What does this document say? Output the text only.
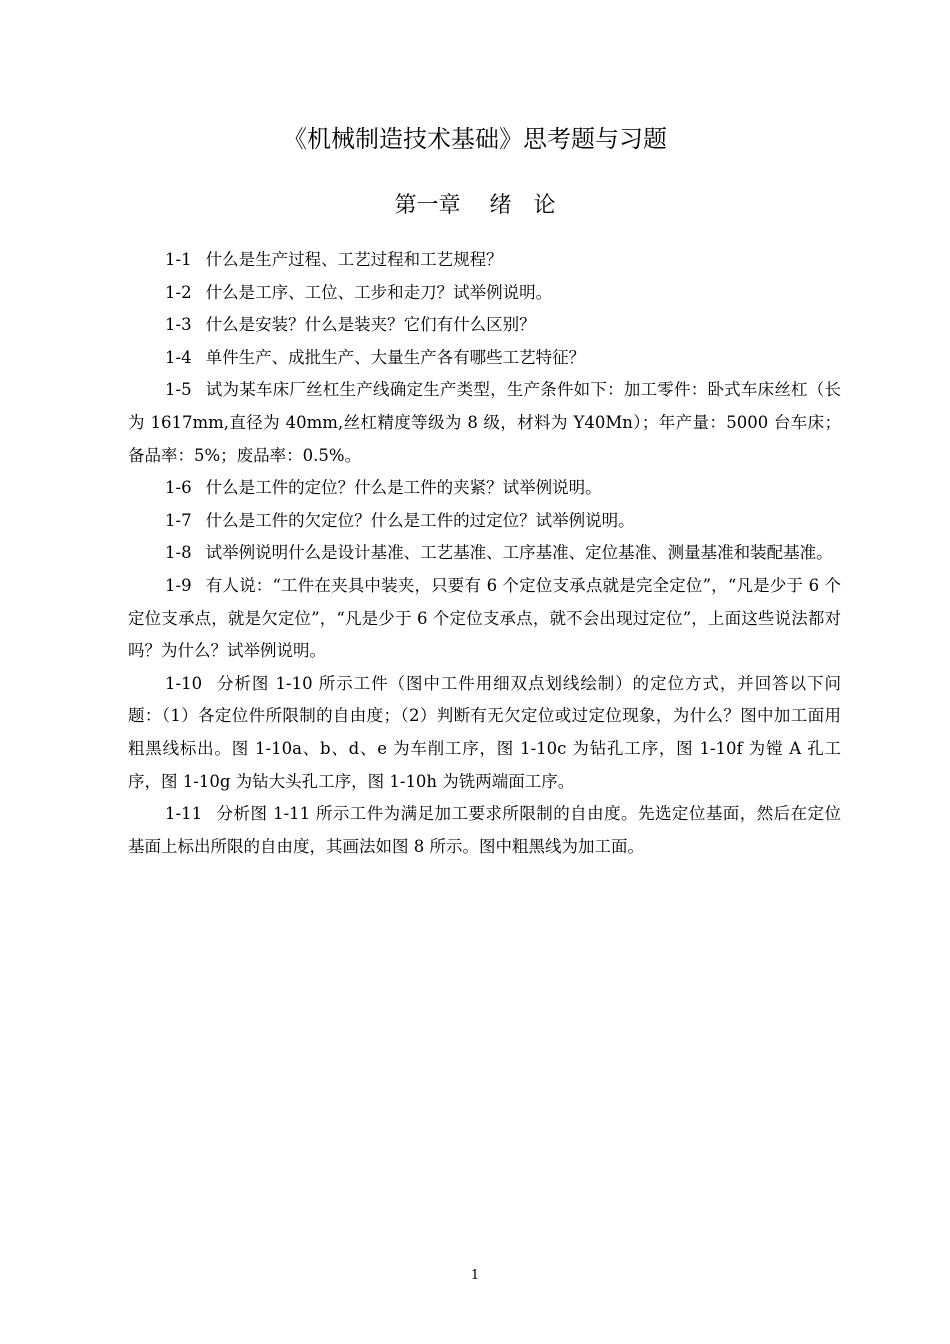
《机械制造技术基础》思考题与习题
第一章　 绪　论

1-1 什么是生产过程、工艺过程和工艺规程？

1-2 什么是工序、工位、工步和走刀？试举例说明。

1-3 什么是安装？什么是装夹？它们有什么区别？

1-4 单件生产、成批生产、大量生产各有哪些工艺特征？

1-5 试为某车床厂丝杠生产线确定生产类型，生产条件如下：加工零件：卧式车床丝杠（长为 1617mm,直径为 40mm,丝杠精度等级为 8 级，材料为 Y40Mn）；年产量：5000 台车床；备品率：5%；废品率：0.5%。

1-6 什么是工件的定位？什么是工件的夹紧？试举例说明。

1-7 什么是工件的欠定位？什么是工件的过定位？试举例说明。

1-8 试举例说明什么是设计基准、工艺基准、工序基准、定位基准、测量基准和装配基准。

1-9 有人说：“工件在夹具中装夹，只要有 6 个定位支承点就是完全定位”，“凡是少于 6 个定位支承点，就是欠定位”，“凡是少于 6 个定位支承点，就不会出现过定位”，上面这些说法都对吗？为什么？试举例说明。

1-10 分析图 1-10 所示工件（图中工件用细双点划线绘制）的定位方式，并回答以下问题：（1）各定位件所限制的自由度；（2）判断有无欠定位或过定位现象，为什么？图中加工面用粗黑线标出。图 1-10a、b、d、e 为车削工序，图 1-10c 为钻孔工序，图 1-10f 为镗 A 孔工序，图 1-10g 为钻大头孔工序，图 1-10h 为铣两端面工序。

1-11 分析图 1-11 所示工件为满足加工要求所限制的自由度。先选定位基面，然后在定位基面上标出所限的自由度，其画法如图 8 所示。图中粗黑线为加工面。

1
